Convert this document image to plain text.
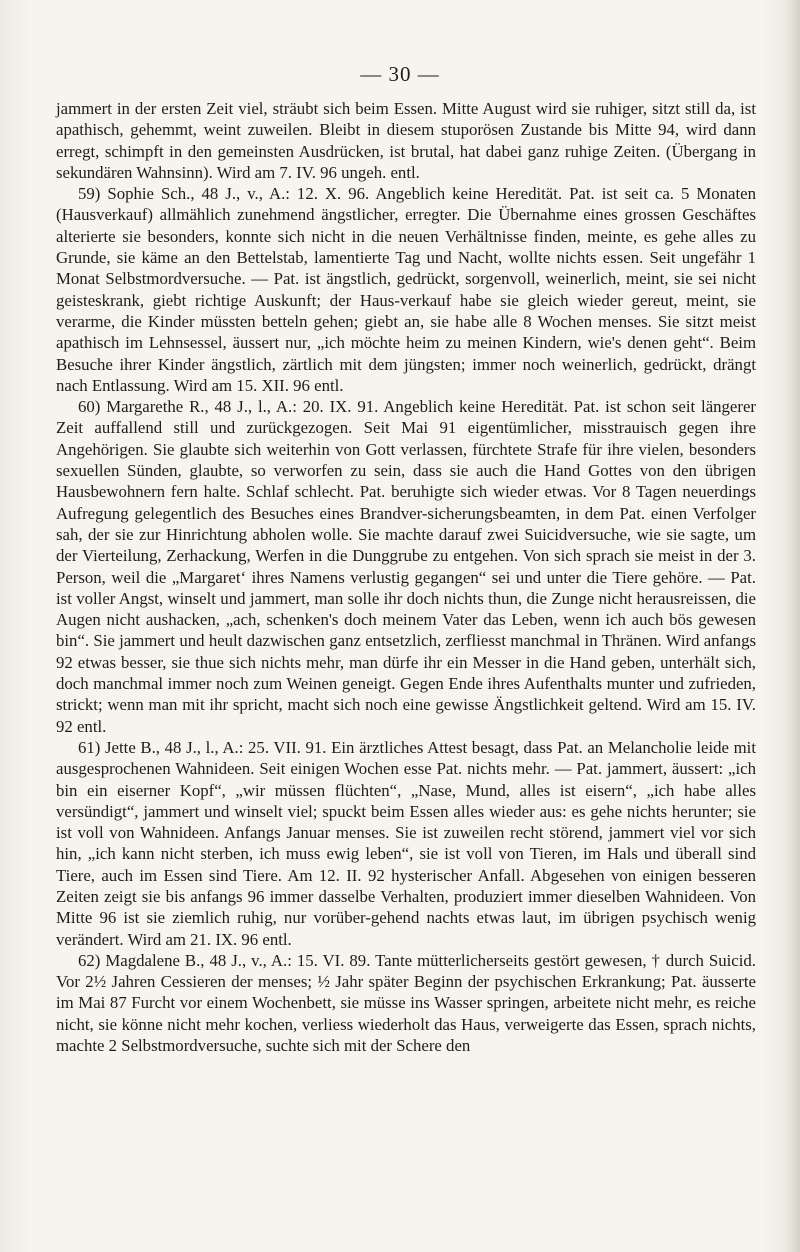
— 30 —

jammert in der ersten Zeit viel, sträubt sich beim Essen. Mitte August wird sie ruhiger, sitzt still da, ist apathisch, gehemmt, weint zuweilen. Bleibt in diesem stuporösen Zustande bis Mitte 94, wird dann erregt, schimpft in den gemeinsten Ausdrücken, ist brutal, hat dabei ganz ruhige Zeiten. (Übergang in sekundären Wahnsinn). Wird am 7. IV. 96 ungeh. entl.

59) Sophie Sch., 48 J., v., A.: 12. X. 96. Angeblich keine Heredität. Pat. ist seit ca. 5 Monaten (Hausverkauf) allmählich zunehmend ängstlicher, erregter. Die Übernahme eines grossen Geschäftes alterierte sie besonders, konnte sich nicht in die neuen Verhältnisse finden, meinte, es gehe alles zu Grunde, sie käme an den Bettelstab, lamentierte Tag und Nacht, wollte nichts essen. Seit ungefähr 1 Monat Selbstmordversuche. — Pat. ist ängstlich, gedrückt, sorgenvoll, weinerlich, meint, sie sei nicht geisteskrank, giebt richtige Auskunft; der Haus-verkauf habe sie gleich wieder gereut, meint, sie verarme, die Kinder müssten betteln gehen; giebt an, sie habe alle 8 Wochen menses. Sie sitzt meist apathisch im Lehnsessel, äussert nur, „ich möchte heim zu meinen Kindern, wie's denen geht“. Beim Besuche ihrer Kinder ängstlich, zärtlich mit dem jüngsten; immer noch weinerlich, gedrückt, drängt nach Entlassung. Wird am 15. XII. 96 entl.

60) Margarethe R., 48 J., l., A.: 20. IX. 91. Angeblich keine Heredität. Pat. ist schon seit längerer Zeit auffallend still und zurückgezogen. Seit Mai 91 eigentümlicher, misstrauisch gegen ihre Angehörigen. Sie glaubte sich weiterhin von Gott verlassen, fürchtete Strafe für ihre vielen, besonders sexuellen Sünden, glaubte, so verworfen zu sein, dass sie auch die Hand Gottes von den übrigen Hausbewohnern fern halte. Schlaf schlecht. Pat. beruhigte sich wieder etwas. Vor 8 Tagen neuerdings Aufregung gelegentlich des Besuches eines Brandver-sicherungsbeamten, in dem Pat. einen Verfolger sah, der sie zur Hinrichtung abholen wolle. Sie machte darauf zwei Suicidversuche, wie sie sagte, um der Vierteilung, Zerhackung, Werfen in die Dunggrube zu entgehen. Von sich sprach sie meist in der 3. Person, weil die „Margaret‘ ihres Namens verlustig gegangen“ sei und unter die Tiere gehöre. — Pat. ist voller Angst, winselt und jammert, man solle ihr doch nichts thun, die Zunge nicht herausreissen, die Augen nicht aushacken, „ach, schenken's doch meinem Vater das Leben, wenn ich auch bös gewesen bin“. Sie jammert und heult dazwischen ganz entsetzlich, zerfliesst manchmal in Thränen. Wird anfangs 92 etwas besser, sie thue sich nichts mehr, man dürfe ihr ein Messer in die Hand geben, unterhält sich, doch manchmal immer noch zum Weinen geneigt. Gegen Ende ihres Aufenthalts munter und zufrieden, strickt; wenn man mit ihr spricht, macht sich noch eine gewisse Ängstlichkeit geltend. Wird am 15. IV. 92 entl.

61) Jette B., 48 J., l., A.: 25. VII. 91. Ein ärztliches Attest besagt, dass Pat. an Melancholie leide mit ausgesprochenen Wahnideen. Seit einigen Wochen esse Pat. nichts mehr. — Pat. jammert, äussert: „ich bin ein eiserner Kopf“, „wir müssen flüchten“, „Nase, Mund, alles ist eisern“, „ich habe alles versündigt“, jammert und winselt viel; spuckt beim Essen alles wieder aus: es gehe nichts herunter; sie ist voll von Wahnideen. Anfangs Januar menses. Sie ist zuweilen recht störend, jammert viel vor sich hin, „ich kann nicht sterben, ich muss ewig leben“, sie ist voll von Tieren, im Hals und überall sind Tiere, auch im Essen sind Tiere. Am 12. II. 92 hysterischer Anfall. Abgesehen von einigen besseren Zeiten zeigt sie bis anfangs 96 immer dasselbe Verhalten, produziert immer dieselben Wahnideen. Von Mitte 96 ist sie ziemlich ruhig, nur vorüber-gehend nachts etwas laut, im übrigen psychisch wenig verändert. Wird am 21. IX. 96 entl.

62) Magdalene B., 48 J., v., A.: 15. VI. 89. Tante mütterlicherseits gestört gewesen, † durch Suicid. Vor 2½ Jahren Cessieren der menses; ½ Jahr später Beginn der psychischen Erkrankung; Pat. äusserte im Mai 87 Furcht vor einem Wochenbett, sie müsse ins Wasser springen, arbeitete nicht mehr, es reiche nicht, sie könne nicht mehr kochen, verliess wiederholt das Haus, verweigerte das Essen, sprach nichts, machte 2 Selbstmordversuche, suchte sich mit der Schere den
